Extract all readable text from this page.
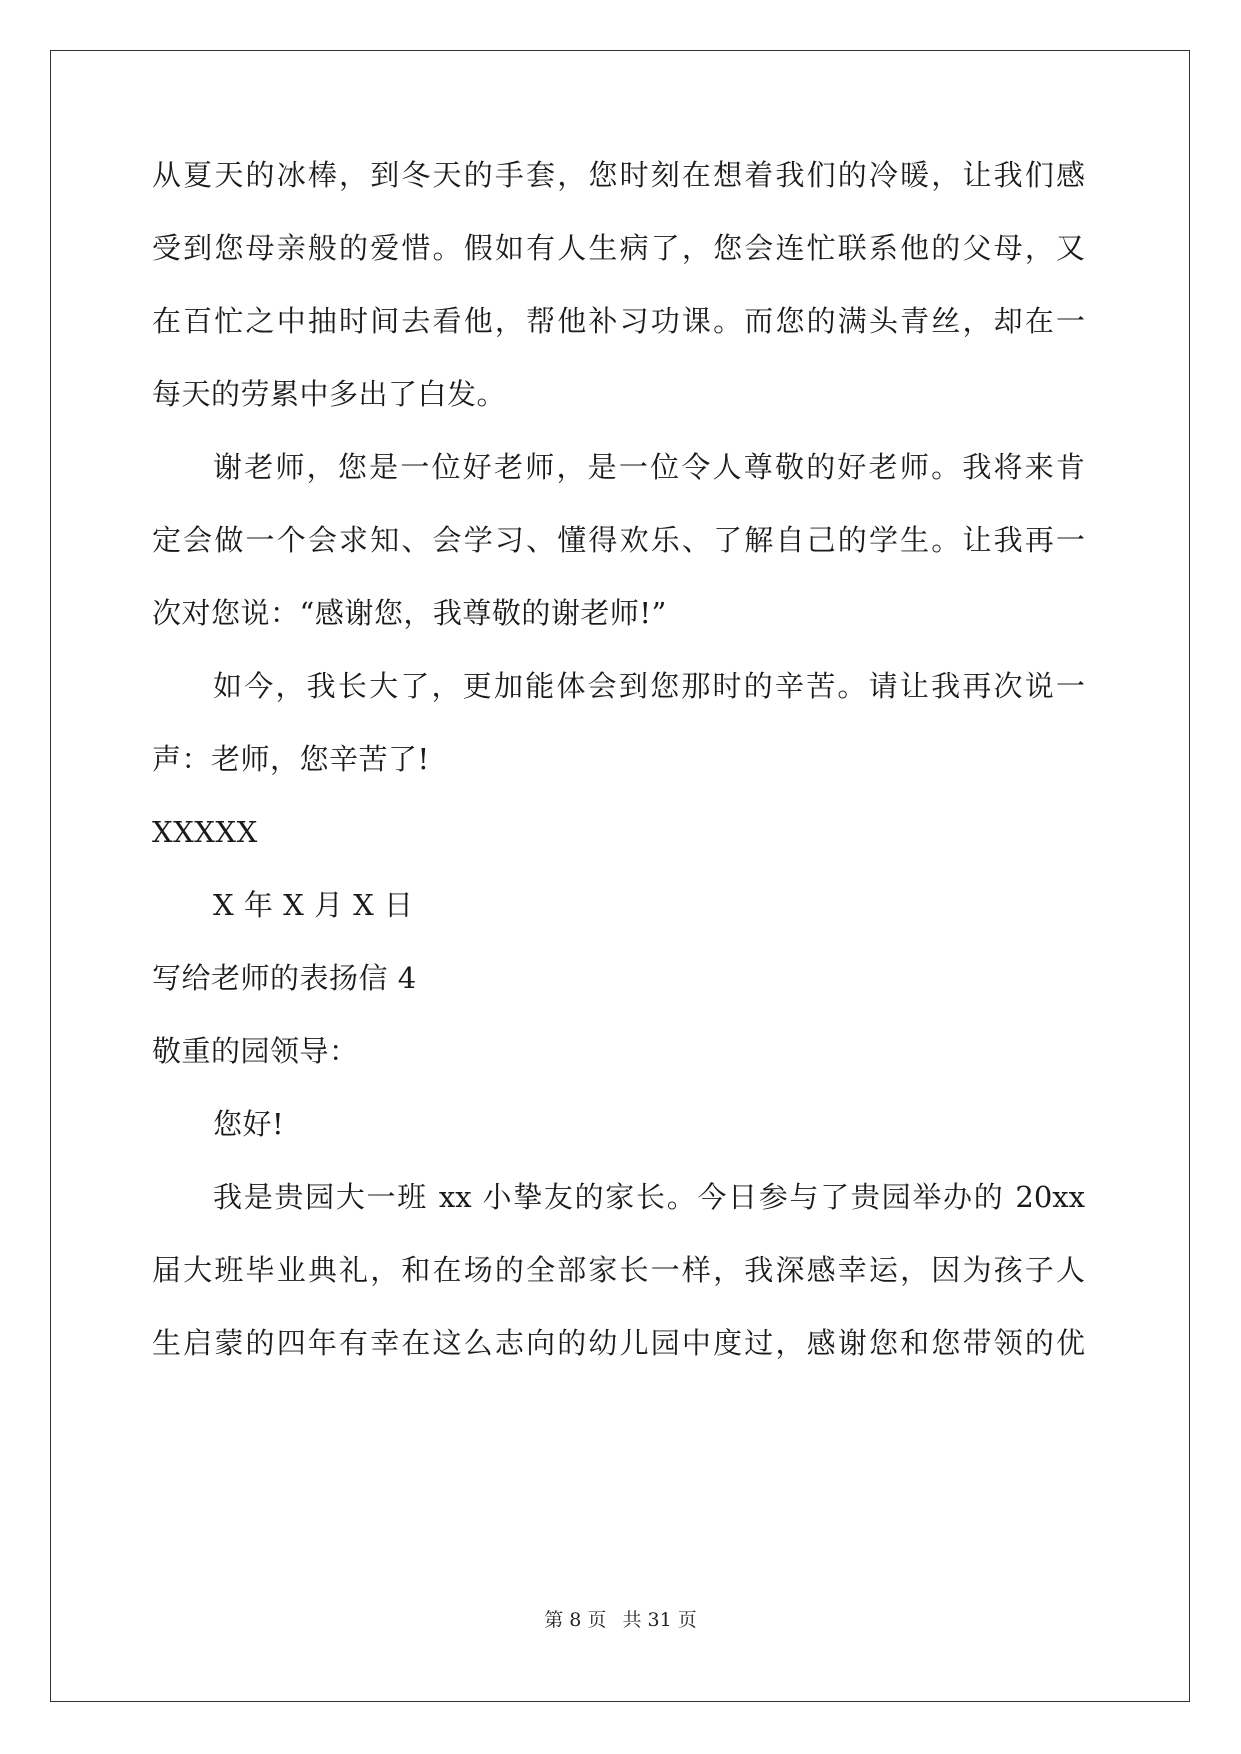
从夏天的冰棒，到冬天的手套，您时刻在想着我们的冷暖，让我们感
受到您母亲般的爱惜。假如有人生病了，您会连忙联系他的父母，又
在百忙之中抽时间去看他，帮他补习功课。而您的满头青丝，却在一
每天的劳累中多出了白发。
谢老师，您是一位好老师，是一位令人尊敬的好老师。我将来肯
定会做一个会求知、会学习、懂得欢乐、了解自己的学生。让我再一
次对您说：“感谢您，我尊敬的谢老师!”
如今，我长大了，更加能体会到您那时的辛苦。请让我再次说一
声：老师，您辛苦了!
XXXXX
X 年 X 月 X 日
写给老师的表扬信 4
敬重的园领导：
您好!
我是贵园大一班 xx 小挚友的家长。今日参与了贵园举办的 20xx
届大班毕业典礼，和在场的全部家长一样，我深感幸运，因为孩子人
生启蒙的四年有幸在这么志向的幼儿园中度过，感谢您和您带领的优
第 8 页 共 31 页
